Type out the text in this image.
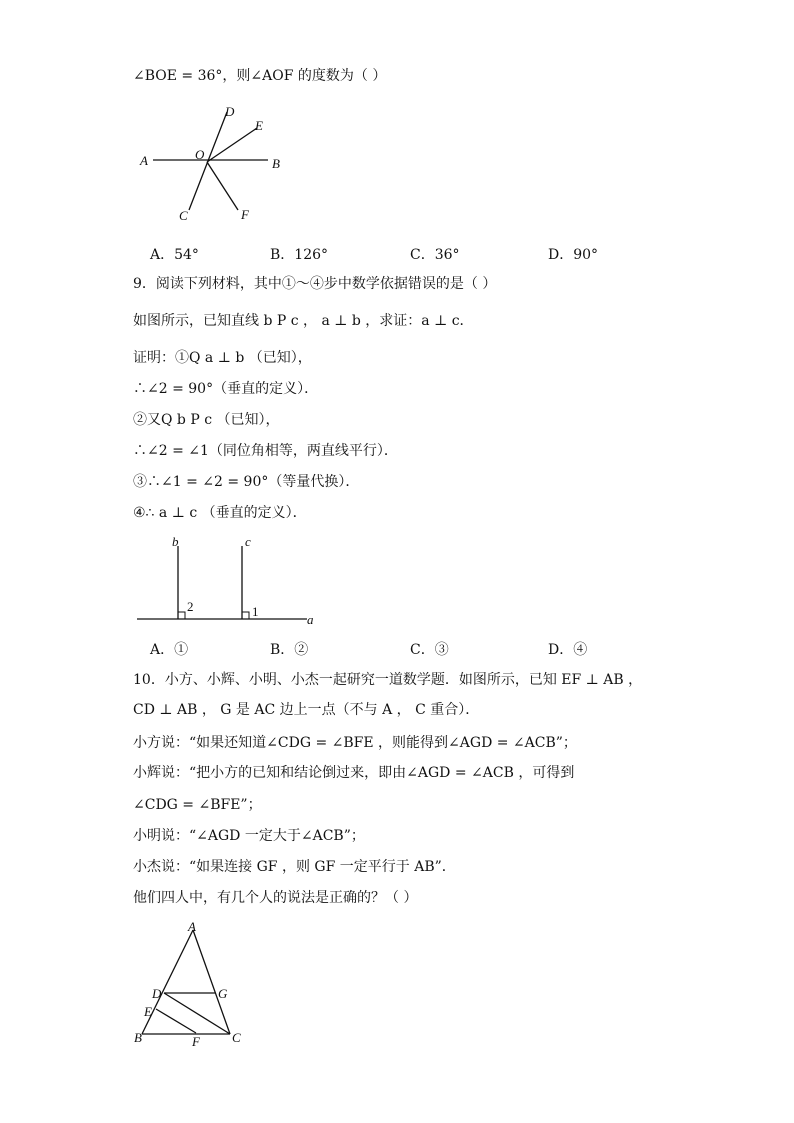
∠BOE = 36°，则∠AOF 的度数为（ ）
D
E
A	O
B
C	F
A．54°	B．126°	C．36°	D．90°
9．阅读下列材料，其中①～④步中数学依据错误的是（ ）
如图所示，已知直线 b P c ， a ⊥ b ，求证：a ⊥ c．
证明：①Q a ⊥ b （已知），
∴∠2 = 90°（垂直的定义）．
②又Q b P c （已知），
∴∠2 = ∠1（同位角相等，两直线平行）．
③∴∠1 = ∠2 = 90°（等量代换）．
④∴ a ⊥ c （垂直的定义）．
b	c
2	1
a
A．①	B．②	C．③	D．④
10．小方、小辉、小明、小杰一起研究一道数学题．如图所示，已知 EF ⊥ AB ，
CD ⊥ AB ， G 是 AC 边上一点（不与 A ， C 重合）．
小方说：“如果还知道∠CDG = ∠BFE ，则能得到∠AGD = ∠ACB”；
小辉说：“把小方的已知和结论倒过来，即由∠AGD = ∠ACB ，可得到
∠CDG = ∠BFE”；
小明说：“∠AGD 一定大于∠ACB”；
小杰说：“如果连接 GF ，则 GF 一定平行于 AB”．
他们四人中，有几个人的说法是正确的？（ ）
A
D	G
E
B	F C
